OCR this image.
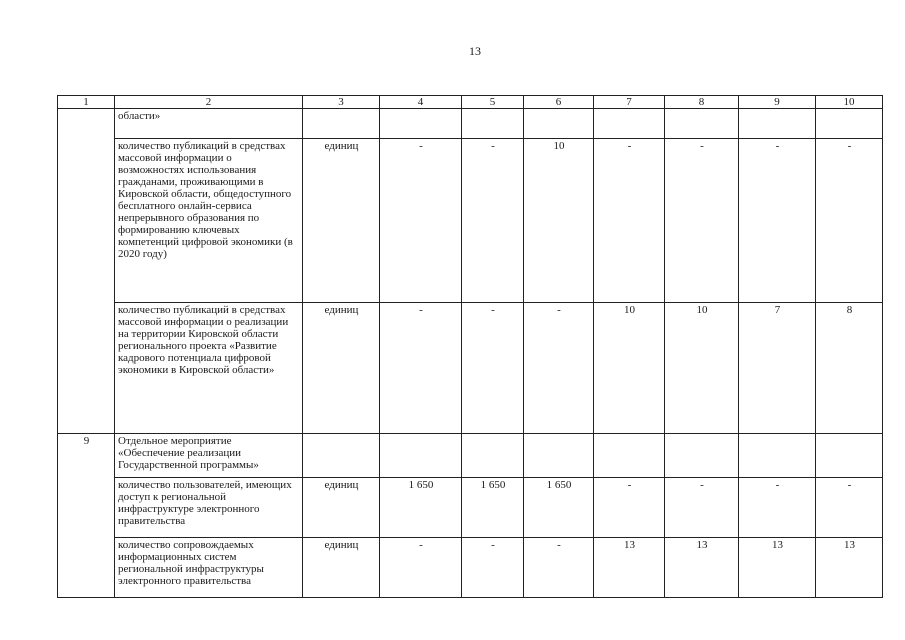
13
1	2	3	4	5	6	7	8	9	10
	области»								
	количество публикаций в средствах массовой информации о возможностях использования гражданами, проживающими в Кировской области, общедоступного бесплатного онлайн-сервиса непрерывного образования по формированию ключевых компетенций цифровой экономики (в 2020 году)	единиц	-	-	10	-	-	-	-
	количество публикаций в средствах массовой информации о реализации на территории Кировской области регионального проекта «Развитие кадрового потенциала цифровой экономики в Кировской области»	единиц	-	-	-	10	10	7	8
9	Отдельное мероприятие «Обеспечение реализации Государственной программы»								
	количество пользователей, имеющих доступ к региональной инфраструктуре электронного правительства	единиц	1 650	1 650	1 650	-	-	-	-
	количество сопровождаемых информационных систем региональной инфраструктуры электронного правительства	единиц	-	-	-	13	13	13	13
